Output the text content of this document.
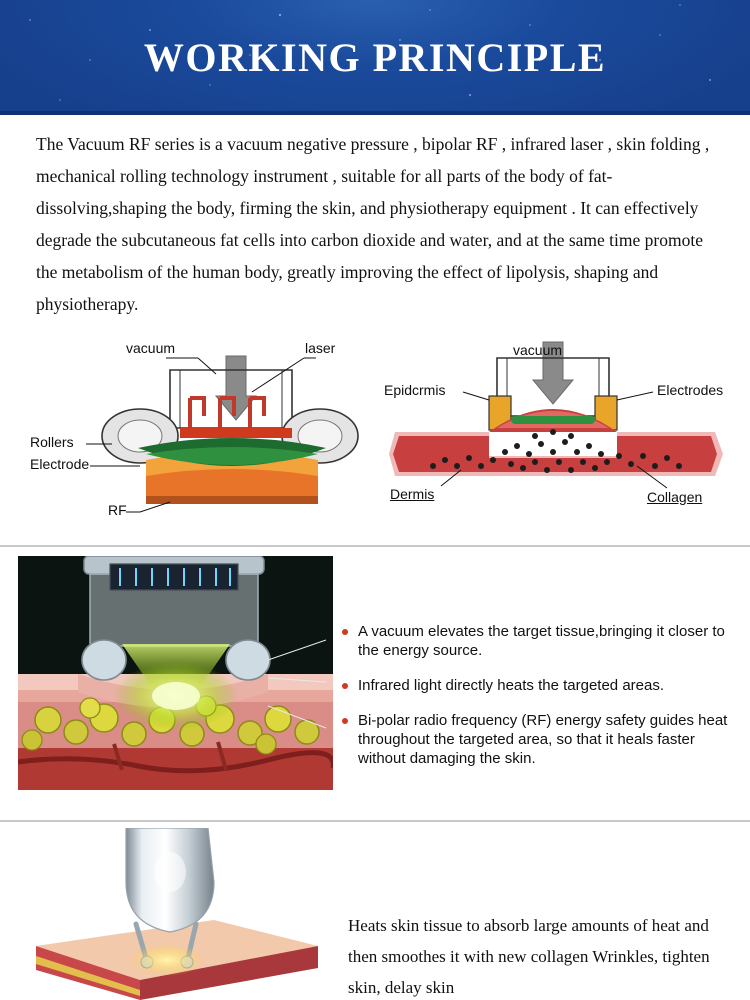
WORKING PRINCIPLE
The Vacuum RF series is a vacuum negative pressure , bipolar RF , infrared laser , skin folding , mechanical rolling technology instrument , suitable for all parts of the body of fat-dissolving,shaping the body, firming the skin, and physiotherapy equipment . It can effectively degrade the subcutaneous fat cells into carbon dioxide and water, and at the same time promote the metabolism of the human body, greatly improving the effect of lipolysis, shaping and physiotherapy.
vacuum	laser
Rollers
Electrode
RF
vacuum
Epidcrmis	Electrodes
Dermis	Collagen
A vacuum elevates the target tissue,bringing it closer to the energy source.
Infrared light directly heats the targeted areas.
Bi-polar radio frequency (RF) energy safety guides heat throughout the targeted area, so that it heals faster without damaging the skin.
Heats skin tissue to absorb large amounts of heat and then smoothes it with new collagen Wrinkles, tighten skin, delay skin
